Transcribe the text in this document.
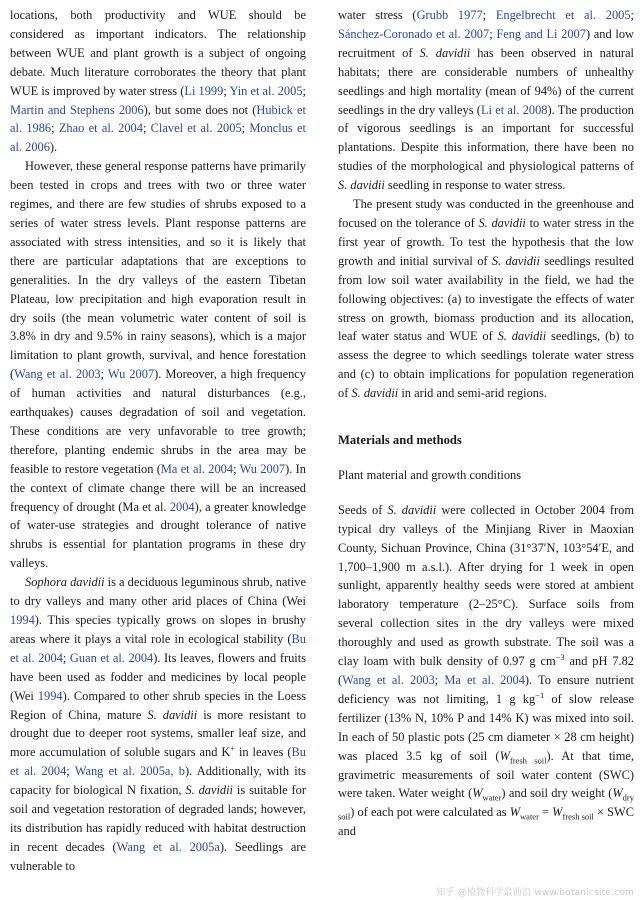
locations, both productivity and WUE should be considered as important indicators. The relationship between WUE and plant growth is a subject of ongoing debate. Much literature corroborates the theory that plant WUE is improved by water stress (Li 1999; Yin et al. 2005; Martin and Stephens 2006), but some does not (Hubick et al. 1986; Zhao et al. 2004; Clavel et al. 2005; Monclus et al. 2006).

However, these general response patterns have primarily been tested in crops and trees with two or three water regimes, and there are few studies of shrubs exposed to a series of water stress levels. Plant response patterns are associated with stress intensities, and so it is likely that there are particular adaptations that are exceptions to generalities. In the dry valleys of the eastern Tibetan Plateau, low precipitation and high evaporation result in dry soils (the mean volumetric water content of soil is 3.8% in dry and 9.5% in rainy seasons), which is a major limitation to plant growth, survival, and hence forestation (Wang et al. 2003; Wu 2007). Moreover, a high frequency of human activities and natural disturbances (e.g., earthquakes) causes degradation of soil and vegetation. These conditions are very unfavorable to tree growth; therefore, planting endemic shrubs in the area may be feasible to restore vegetation (Ma et al. 2004; Wu 2007). In the context of climate change there will be an increased frequency of drought (Ma et al. 2004), a greater knowledge of water-use strategies and drought tolerance of native shrubs is essential for plantation programs in these dry valleys.

Sophora davidii is a deciduous leguminous shrub, native to dry valleys and many other arid places of China (Wei 1994). This species typically grows on slopes in brushy areas where it plays a vital role in ecological stability (Bu et al. 2004; Guan et al. 2004). Its leaves, flowers and fruits have been used as fodder and medicines by local people (Wei 1994). Compared to other shrub species in the Loess Region of China, mature S. davidii is more resistant to drought due to deeper root systems, smaller leaf size, and more accumulation of soluble sugars and K+ in leaves (Bu et al. 2004; Wang et al. 2005a, b). Additionally, with its capacity for biological N fixation, S. davidii is suitable for soil and vegetation restoration of degraded lands; however, its distribution has rapidly reduced with habitat destruction in recent decades (Wang et al. 2005a). Seedlings are vulnerable to

water stress (Grubb 1977; Engelbrecht et al. 2005; Sánchez-Coronado et al. 2007; Feng and Li 2007) and low recruitment of S. davidii has been observed in natural habitats; there are considerable numbers of unhealthy seedlings and high mortality (mean of 94%) of the current seedlings in the dry valleys (Li et al. 2008). The production of vigorous seedlings is an important for successful plantations. Despite this information, there have been no studies of the morphological and physiological patterns of S. davidii seedling in response to water stress.

The present study was conducted in the greenhouse and focused on the tolerance of S. davidii to water stress in the first year of growth. To test the hypothesis that the low growth and initial survival of S. davidii seedlings resulted from low soil water availability in the field, we had the following objectives: (a) to investigate the effects of water stress on growth, biomass production and its allocation, leaf water status and WUE of S. davidii seedlings, (b) to assess the degree to which seedlings tolerate water stress and (c) to obtain implications for population regeneration of S. davidii in arid and semi-arid regions.

Materials and methods
Plant material and growth conditions

Seeds of S. davidii were collected in October 2004 from typical dry valleys of the Minjiang River in Maoxian County, Sichuan Province, China (31°37′N, 103°54′E, and 1,700–1,900 m a.s.l.). After drying for 1 week in open sunlight, apparently healthy seeds were stored at ambient laboratory temperature (2–25°C). Surface soils from several collection sites in the dry valleys were mixed thoroughly and used as growth substrate. The soil was a clay loam with bulk density of 0.97 g $cm^{-3}$ and pH 7.82 (Wang et al. 2003; Ma et al. 2004). To ensure nutrient deficiency was not limiting, 1 g $kg^{-1}$ of slow release fertilizer (13% N, 10% P and 14% K) was mixed into soil. In each of 50 plastic pots (25 cm diameter × 28 cm height) was placed 3.5 kg of soil $(W_{fresh soil})$. At that time, gravimetric measurements of soil water content (SWC) were taken. Water weight $(W_{water})$ and soil dry weight $(W_{dry soil})$ of each pot were calculated as $W_{water} = W_{fresh soil}$ × SWC and

知乎 @植物科学最前沿 www.botanicsite.com
